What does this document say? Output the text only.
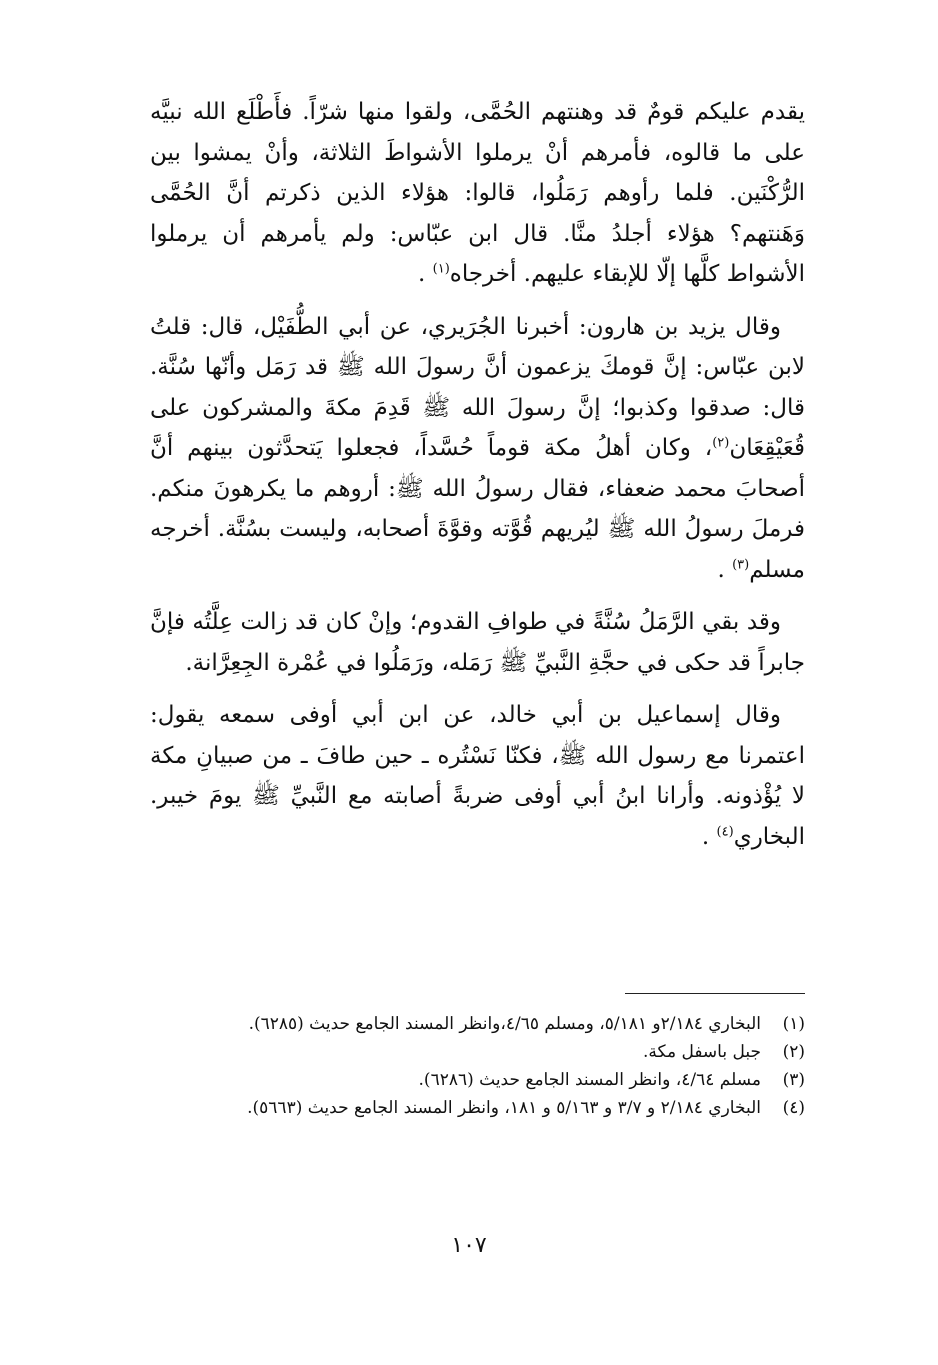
يقدم عليكم قومٌ قد وهنتهم الحُمَّى، ولقوا منها شرّاً. فأَطْلَع الله نبيَّه على ما قالوه، فأمرهم أنْ يرملوا الأشواطَ الثلاثة، وأنْ يمشوا بين الرُّكْنَين. فلما رأوهم رَمَلُوا، قالوا: هؤلاء الذين ذكرتم أنَّ الحُمَّى وَهَنتهم؟ هؤلاء أجلدُ منَّا. قال ابن عبّاس: ولم يأمرهم أن يرملوا الأشواط كلَّها إلّا للإبقاء عليهم. أخرجاه$^{(١)}$ .

وقال يزيد بن هارون: أخبرنا الجُرَيري، عن أبي الطُّفَيْل، قال: قلتُ لابن عبّاس: إنَّ قومكَ يزعمون أنَّ رسولَ الله ﷺ قد رَمَل وأنّها سُنَّة. قال: صدقوا وكذبوا؛ إنَّ رسولَ الله ﷺ قَدِمَ مكةَ والمشركون على قُعَيْقِعَان$^{(٢)}$، وكان أهلُ مكة قوماً حُسَّداً، فجعلوا يَتحدَّثون بينهم أنَّ أصحابَ محمد ضعفاء، فقال رسولُ الله ﷺ: أروهم ما يكرهونَ منكم. فرملَ رسولُ الله ﷺ ليُريهم قُوَّته وقوَّةَ أصحابه، وليست بسُنَّة. أخرجه مسلم$^{(٣)}$ .

وقد بقي الرَّمَلُ سُنَّةً في طوافِ القدوم؛ وإنْ كان قد زالت عِلَّتُه فإنَّ جابراً قد حكى في حجَّةِ النَّبيِّ ﷺ رَمَله، ورَمَلُوا في عُمْرة الجِعِرَّانة.

وقال إسماعيل بن أبي خالد، عن ابن أبي أوفى سمعه يقول: اعتمرنا مع رسول الله ﷺ، فكنّا نَسْتُره ـ حين طافَ ـ من صبيانِ مكة لا يُؤْذونه. وأرانا ابنُ أبي أوفى ضربةً أصابته مع النَّبيِّ ﷺ يومَ خيبر. البخاري$^{(٤)}$ .

(١)
البخاري ٢/١٨٤و ٥/١٨١، ومسلم ٤/٦٥،وانظر المسند الجامع حديث (٦٢٨٥).
(٢)
جبل باسفل مكة.
(٣)
مسلم ٤/٦٤، وانظر المسند الجامع حديث (٦٢٨٦).
(٤)
البخاري ٢/١٨٤ و ٣/٧ و ٥/١٦٣ و ١٨١، وانظر المسند الجامع حديث (٥٦٦٣).
١٠٧
